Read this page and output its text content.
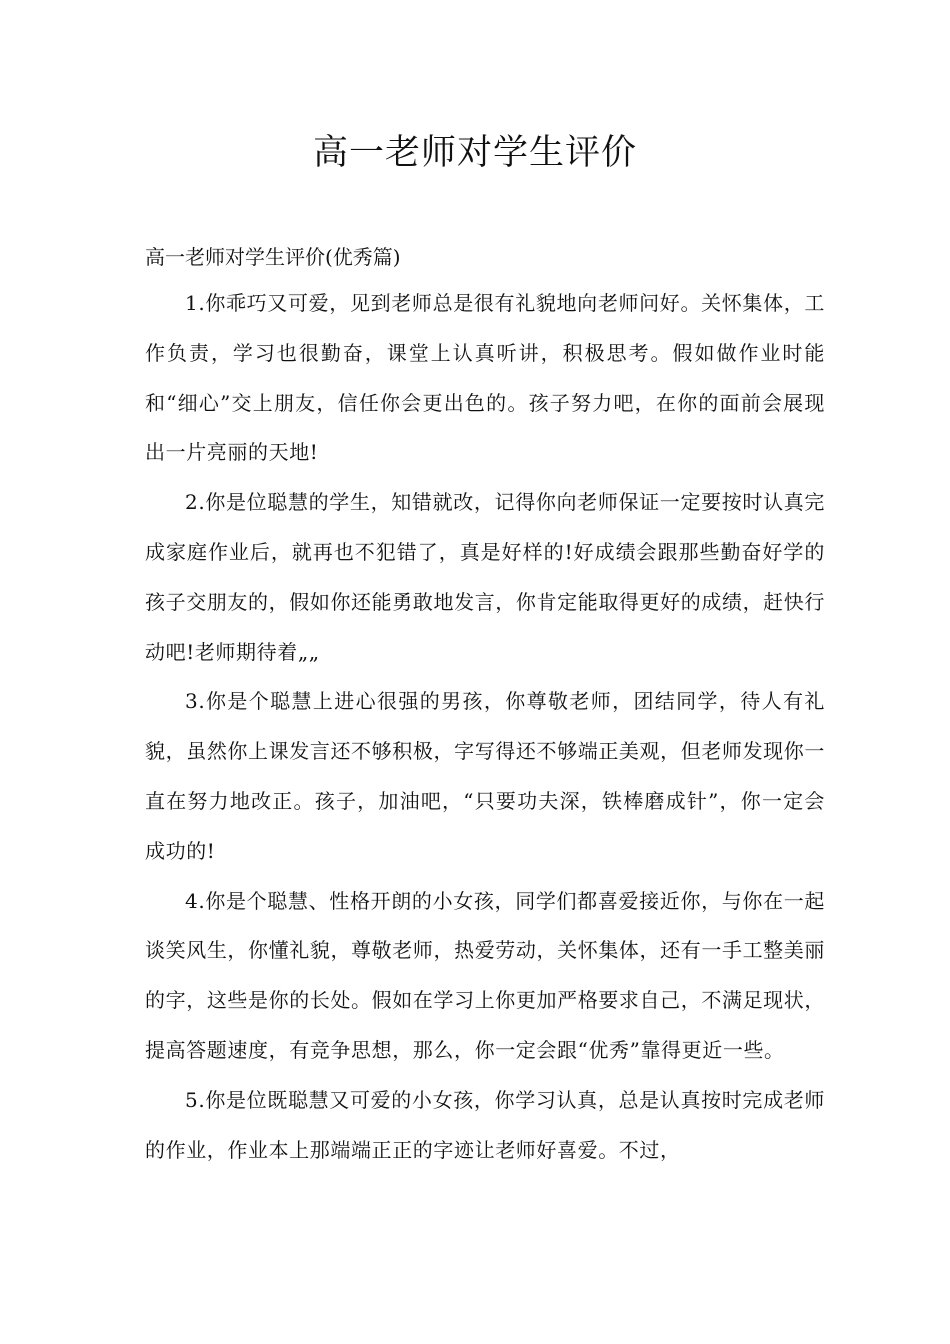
高一老师对学生评价

高一老师对学生评价(优秀篇)

1.你乖巧又可爱，见到老师总是很有礼貌地向老师问好。关怀集体，工作负责，学习也很勤奋，课堂上认真听讲，积极思考。假如做作业时能和“细心”交上朋友，信任你会更出色的。孩子努力吧，在你的面前会展现出一片亮丽的天地!

2.你是位聪慧的学生，知错就改，记得你向老师保证一定要按时认真完成家庭作业后，就再也不犯错了，真是好样的!好成绩会跟那些勤奋好学的孩子交朋友的，假如你还能勇敢地发言，你肯定能取得更好的成绩，赶快行动吧!老师期待着„„

3.你是个聪慧上进心很强的男孩，你尊敬老师，团结同学，待人有礼貌，虽然你上课发言还不够积极，字写得还不够端正美观，但老师发现你一直在努力地改正。孩子，加油吧，“只要功夫深，铁棒磨成针”，你一定会成功的!

4.你是个聪慧、性格开朗的小女孩，同学们都喜爱接近你，与你在一起谈笑风生，你懂礼貌，尊敬老师，热爱劳动，关怀集体，还有一手工整美丽的字，这些是你的长处。假如在学习上你更加严格要求自己，不满足现状，提高答题速度，有竞争思想，那么，你一定会跟“优秀”靠得更近一些。

5.你是位既聪慧又可爱的小女孩，你学习认真，总是认真按时完成老师的作业，作业本上那端端正正的字迹让老师好喜爱。不过，
